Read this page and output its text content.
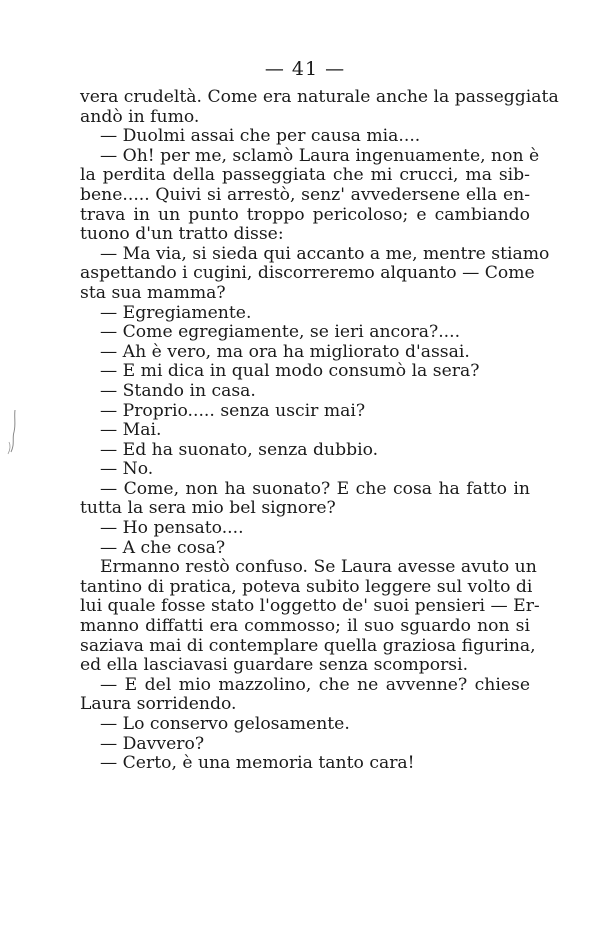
— 41 —
vera crudeltà. Come era naturale anche la passeggiata
andò in fumo.
— Duolmi assai che per causa mia....
— Oh! per me, sclamò Laura ingenuamente, non è
la perdita della passeggiata che mi crucci, ma sib-
bene..... Quivi si arrestò, senz' avvedersene ella en-
trava in un punto troppo pericoloso; e cambiando
tuono d'un tratto disse:
— Ma via, si sieda qui accanto a me, mentre stiamo
aspettando i cugini, discorreremo alquanto — Come
sta sua mamma?
— Egregiamente.
— Come egregiamente, se ieri ancora?....
— Ah è vero, ma ora ha migliorato d'assai.
— E mi dica in qual modo consumò la sera?
— Stando in casa.
— Proprio..... senza uscir mai?
— Mai.
— Ed ha suonato, senza dubbio.
— No.
— Come, non ha suonato? E che cosa ha fatto in
tutta la sera mio bel signore?
— Ho pensato....
— A che cosa?
Ermanno restò confuso. Se Laura avesse avuto un
tantino di pratica, poteva subito leggere sul volto di
lui quale fosse stato l'oggetto de' suoi pensieri — Er-
manno diffatti era commosso; il suo sguardo non si
saziava mai di contemplare quella graziosa figurina,
ed ella lasciavasi guardare senza scomporsi.
— E del mio mazzolino, che ne avvenne? chiese
Laura sorridendo.
— Lo conservo gelosamente.
— Davvero?
— Certo, è una memoria tanto cara!
